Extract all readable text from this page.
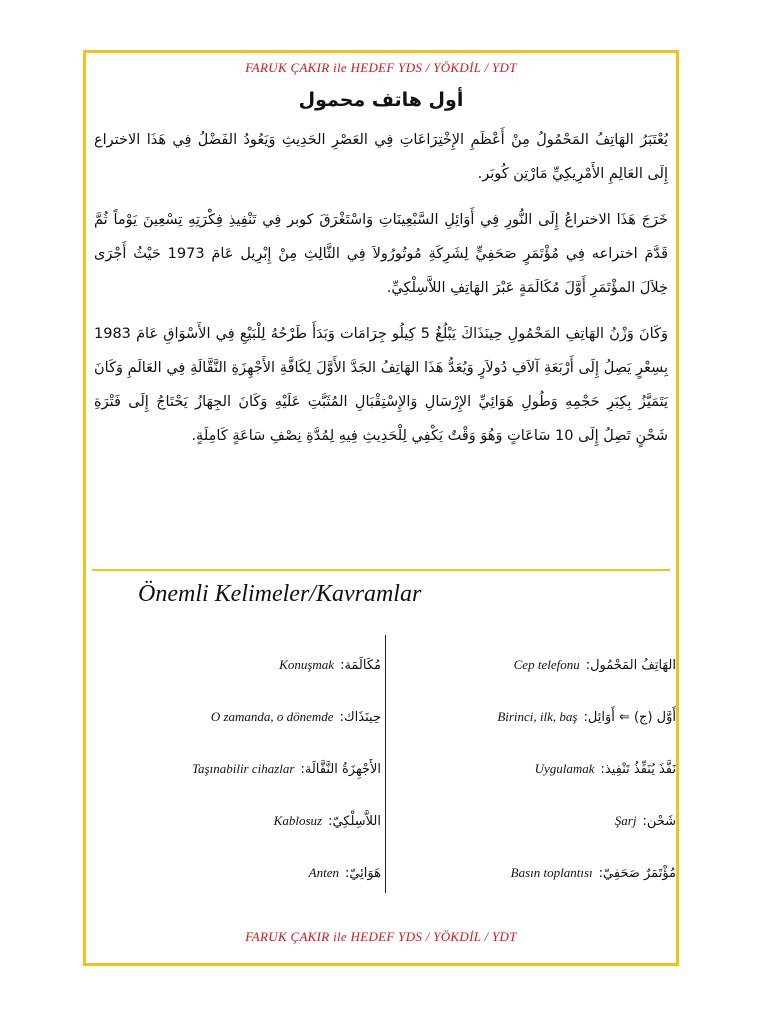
FARUK ÇAKIR ile HEDEF YDS / YÖKDİL / YDT
أول هاتف محمول

يُعْتَبَرُ الهَاتِفُ المَحْمُولُ مِنْ أَعْظَمِ الإِخْتِرَاعَاتِ فِي العَصْرِ الحَدِيثِ وَيَعُودُ الفَضْلُ فِي هَذَا الاختراع إِلَى العَالِمِ الأَمْرِيكِيِّ مَارْتِن كُوبَر.

خَرَجَ هَذَا الاختراعُ إِلَى النُّورِ فِي أَوَائِلِ السَّبْعِينَاتِ وَاسْتَغْرَقَ كوبر فِي تَنْفِيذِ فِكْرَتِهِ تِسْعِينَ يَوْماً ثُمَّ قَدَّمَ اختراعه فِي مُؤْتَمَرٍ صَحَفِيٍّ لِشَرِكَةِ مُوتُورُولاَ فِي الثَّالِثِ مِنْ إِبْرِيل عَامَ 1973 حَيْثُ أَجْرَى خِلاَلَ المؤْتَمَرِ أَوَّلَ مُكَالَمَةٍ عَبْرَ الهَاتِفِ اللاَّسِلْكِيِّ.

وَكَانَ وَزْنُ الهَاتِفِ المَحْمُولِ حِينَذَاكَ يَبْلُغُ 5 كِيلُو جِرَامَات وَبَدَأَ طَرْحُهُ لِلْبَيْعِ فِي الأَسْوَاقِ عَامَ 1983 بِسِعْرٍ يَصِلُ إِلَى أَرْبَعَةِ آلاَفِ دُولاَرٍ وَيُعَدُّ هَذَا الهَاتِفُ الجَدَّ الأَوَّلَ لِكَافَّةِ الأَجْهِزَةِ النَّقَّالَةِ فِي العَالَمِ وَكَانَ يَتَمَيَّزُ بِكِبَرِ حَجْمِهِ وَطُولِ هَوَائِيِّ الإِرْسَالِ وَالإِسْتِقْبَالِ المُثَبَّتِ عَلَيْهِ وَكَانَ الجِهَازُ يَحْتَاجُ إِلَى فَتْرَةِ شَحْنٍ تَصِلُ إِلَى 10 سَاعَاتٍ وَهُوَ وَقْتٌ يَكْفِي لِلْحَدِيثِ فِيهِ لِمُدَّةِ نِصْفِ سَاعَةٍ كَامِلَةٍ.

Önemli Kelimeler/Kavramlar
Konuşmak مُكَالَمَة:
O zamanda, o dönemde حِينَذَاك:
Taşınabilir cihazlar الأَجْهِزَةُ النَّقَّالَة:
Kablosuz اللاَّسِلْكِيّ:
Anten هَوَائِيّ:
Cep telefonu الهَاتِفُ المَحْمُول:
Birinci, ilk, baş أَوَّل (ج) ⇐ أَوَائِل:
Uygulamak نَفَّذَ يُنَفِّذُ تَنْفِيذ:
Şarj شَحْن:
Basın toplantısı مُؤْتَمَرٌ صَحَفِيّ:
FARUK ÇAKIR ile HEDEF YDS / YÖKDİL / YDT
